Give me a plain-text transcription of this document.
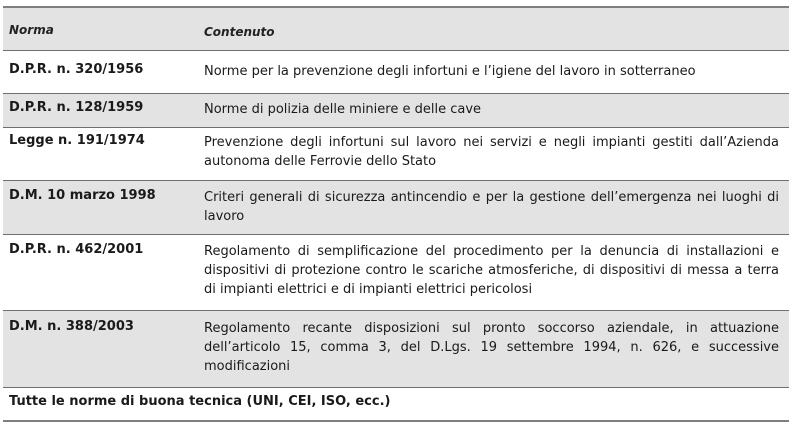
Norma	Contenuto
D.P.R. n. 320/1956	Norme per la prevenzione degli infortuni e l’igiene del lavoro in sotterraneo
D.P.R. n. 128/1959	Norme di polizia delle miniere e delle cave
Legge n. 191/1974	Prevenzione degli infortuni sul lavoro nei servizi e negli impianti gestiti dall’Azienda autonoma delle Ferrovie dello Stato
D.M. 10 marzo 1998	Criteri generali di sicurezza antincendio e per la gestione dell’emergenza nei luoghi di lavoro
D.P.R. n. 462/2001	Regolamento di semplificazione del procedimento per la denuncia di installazioni e dispositivi di protezione contro le scariche atmosferiche, di dispositivi di messa a terra di impianti elettrici e di impianti elettrici pericolosi
D.M. n. 388/2003	Regolamento recante disposizioni sul pronto soccorso aziendale, in attuazione dell’articolo 15, comma 3, del D.Lgs. 19 settembre 1994, n. 626, e successive modificazioni
Tutte le norme di buona tecnica (UNI, CEI, ISO, ecc.)
